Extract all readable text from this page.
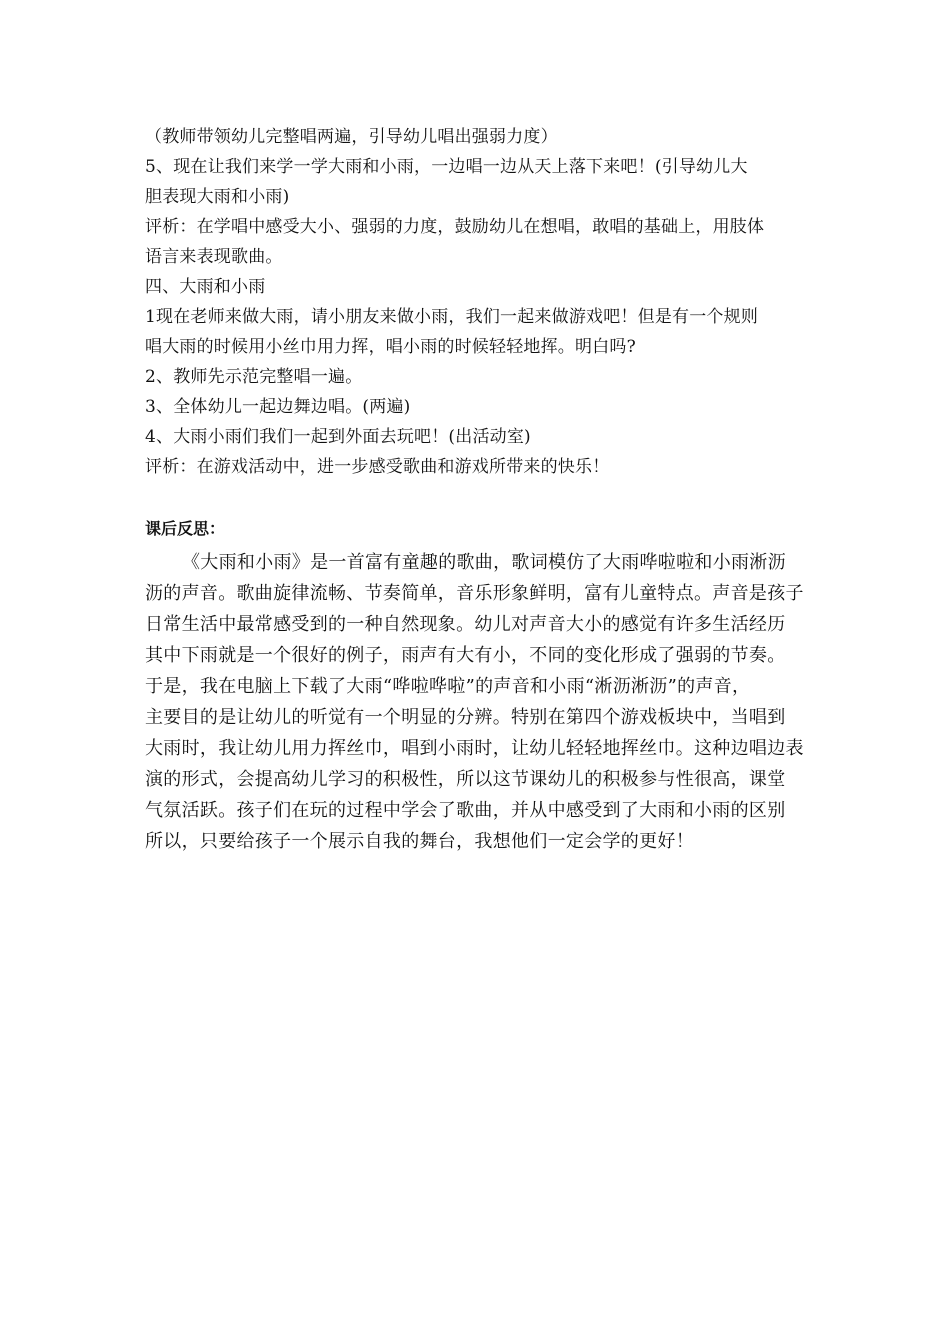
（教师带领幼儿完整唱两遍，引导幼儿唱出强弱力度）
5、现在让我们来学一学大雨和小雨，一边唱一边从天上落下来吧！(引导幼儿大
胆表现大雨和小雨)
评析：在学唱中感受大小、强弱的力度，鼓励幼儿在想唱，敢唱的基础上，用肢体
语言来表现歌曲。
四、大雨和小雨
1现在老师来做大雨，请小朋友来做小雨，我们一起来做游戏吧！但是有一个规则
唱大雨的时候用小丝巾用力挥，唱小雨的时候轻轻地挥。明白吗?
2、教师先示范完整唱一遍。
3、全体幼儿一起边舞边唱。(两遍)
4、大雨小雨们我们一起到外面去玩吧！(出活动室)
评析：在游戏活动中，进一步感受歌曲和游戏所带来的快乐！
课后反思：
《大雨和小雨》是一首富有童趣的歌曲，歌词模仿了大雨哗啦啦和小雨淅沥
沥的声音。歌曲旋律流畅、节奏简单，音乐形象鲜明，富有儿童特点。声音是孩子
日常生活中最常感受到的一种自然现象。幼儿对声音大小的感觉有许多生活经历
其中下雨就是一个很好的例子，雨声有大有小，不同的变化形成了强弱的节奏。
于是，我在电脑上下载了大雨“哗啦哗啦”的声音和小雨“淅沥淅沥”的声音，
主要目的是让幼儿的听觉有一个明显的分辨。特别在第四个游戏板块中，当唱到
大雨时，我让幼儿用力挥丝巾，唱到小雨时，让幼儿轻轻地挥丝巾。这种边唱边表
演的形式，会提高幼儿学习的积极性，所以这节课幼儿的积极参与性很高，课堂
气氛活跃。孩子们在玩的过程中学会了歌曲，并从中感受到了大雨和小雨的区别
所以，只要给孩子一个展示自我的舞台，我想他们一定会学的更好！
